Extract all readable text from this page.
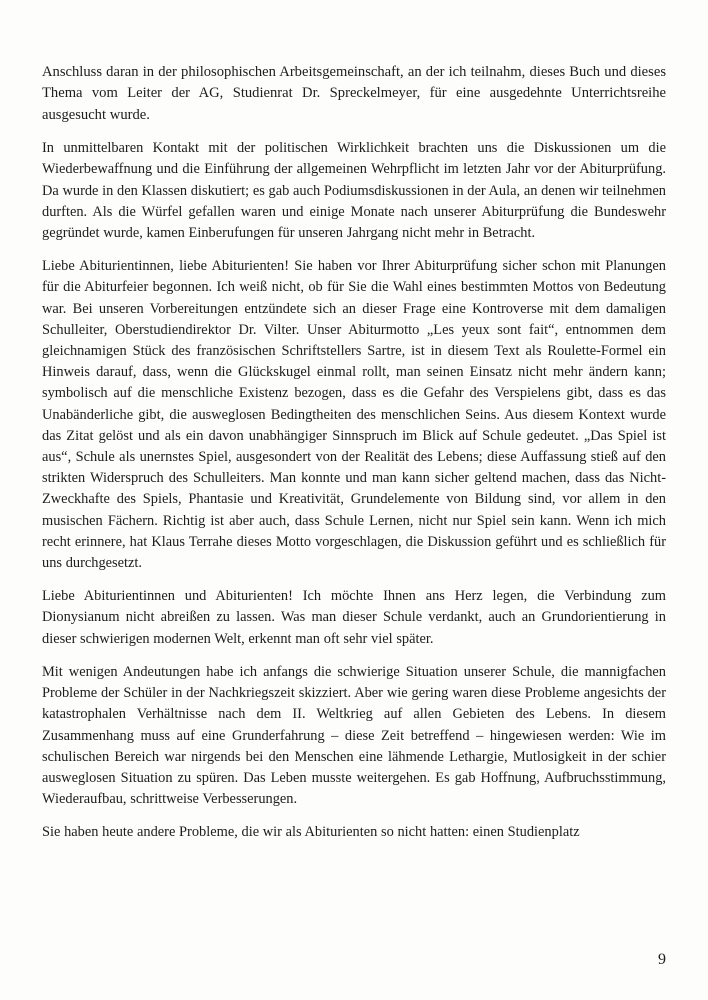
Anschluss daran in der philosophischen Arbeitsgemeinschaft, an der ich teilnahm, dieses Buch und dieses Thema vom Leiter der AG, Studienrat Dr. Spreckelmeyer, für eine ausgedehnte Unterrichtsreihe ausgesucht wurde.

In unmittelbaren Kontakt mit der politischen Wirklichkeit brachten uns die Diskussionen um die Wiederbewaffnung und die Einführung der allgemeinen Wehrpflicht im letzten Jahr vor der Abiturprüfung. Da wurde in den Klassen diskutiert; es gab auch Podiumsdiskussionen in der Aula, an denen wir teilnehmen durften. Als die Würfel gefallen waren und einige Monate nach unserer Abiturprüfung die Bundeswehr gegründet wurde, kamen Einberufungen für unseren Jahrgang nicht mehr in Betracht.

Liebe Abiturientinnen, liebe Abiturienten! Sie haben vor Ihrer Abiturprüfung sicher schon mit Planungen für die Abiturfeier begonnen. Ich weiß nicht, ob für Sie die Wahl eines bestimmten Mottos von Bedeutung war. Bei unseren Vorbereitungen entzündete sich an dieser Frage eine Kontroverse mit dem damaligen Schulleiter, Oberstudiendirektor Dr. Vilter. Unser Abiturmotto „Les yeux sont fait“, entnommen dem gleichnamigen Stück des französischen Schriftstellers Sartre, ist in diesem Text als Roulette-Formel ein Hinweis darauf, dass, wenn die Glückskugel einmal rollt, man seinen Einsatz nicht mehr ändern kann; symbolisch auf die menschliche Existenz bezogen, dass es die Gefahr des Verspielens gibt, dass es das Unabänderliche gibt, die ausweglosen Bedingtheiten des menschlichen Seins. Aus diesem Kontext wurde das Zitat gelöst und als ein davon unabhängiger Sinnspruch im Blick auf Schule gedeutet. „Das Spiel ist aus“, Schule als unernstes Spiel, ausgesondert von der Realität des Lebens; diese Auffassung stieß auf den strikten Widerspruch des Schulleiters. Man konnte und man kann sicher geltend machen, dass das Nicht-Zweckhafte des Spiels, Phantasie und Kreativität, Grundelemente von Bildung sind, vor allem in den musischen Fächern. Richtig ist aber auch, dass Schule Lernen, nicht nur Spiel sein kann. Wenn ich mich recht erinnere, hat Klaus Terrahe dieses Motto vorgeschlagen, die Diskussion geführt und es schließlich für uns durchgesetzt.

Liebe Abiturientinnen und Abiturienten! Ich möchte Ihnen ans Herz legen, die Verbindung zum Dionysianum nicht abreißen zu lassen. Was man dieser Schule verdankt, auch an Grundorientierung in dieser schwierigen modernen Welt, erkennt man oft sehr viel später.

Mit wenigen Andeutungen habe ich anfangs die schwierige Situation unserer Schule, die mannigfachen Probleme der Schüler in der Nachkriegszeit skizziert. Aber wie gering waren diese Probleme angesichts der katastrophalen Verhältnisse nach dem II. Weltkrieg auf allen Gebieten des Lebens. In diesem Zusammenhang muss auf eine Grunderfahrung – diese Zeit betreffend – hingewiesen werden: Wie im schulischen Bereich war nirgends bei den Menschen eine lähmende Lethargie, Mutlosigkeit in der schier ausweglosen Situation zu spüren. Das Leben musste weitergehen. Es gab Hoffnung, Aufbruchsstimmung, Wiederaufbau, schrittweise Verbesserungen.

Sie haben heute andere Probleme, die wir als Abiturienten so nicht hatten: einen Studienplatz

9
